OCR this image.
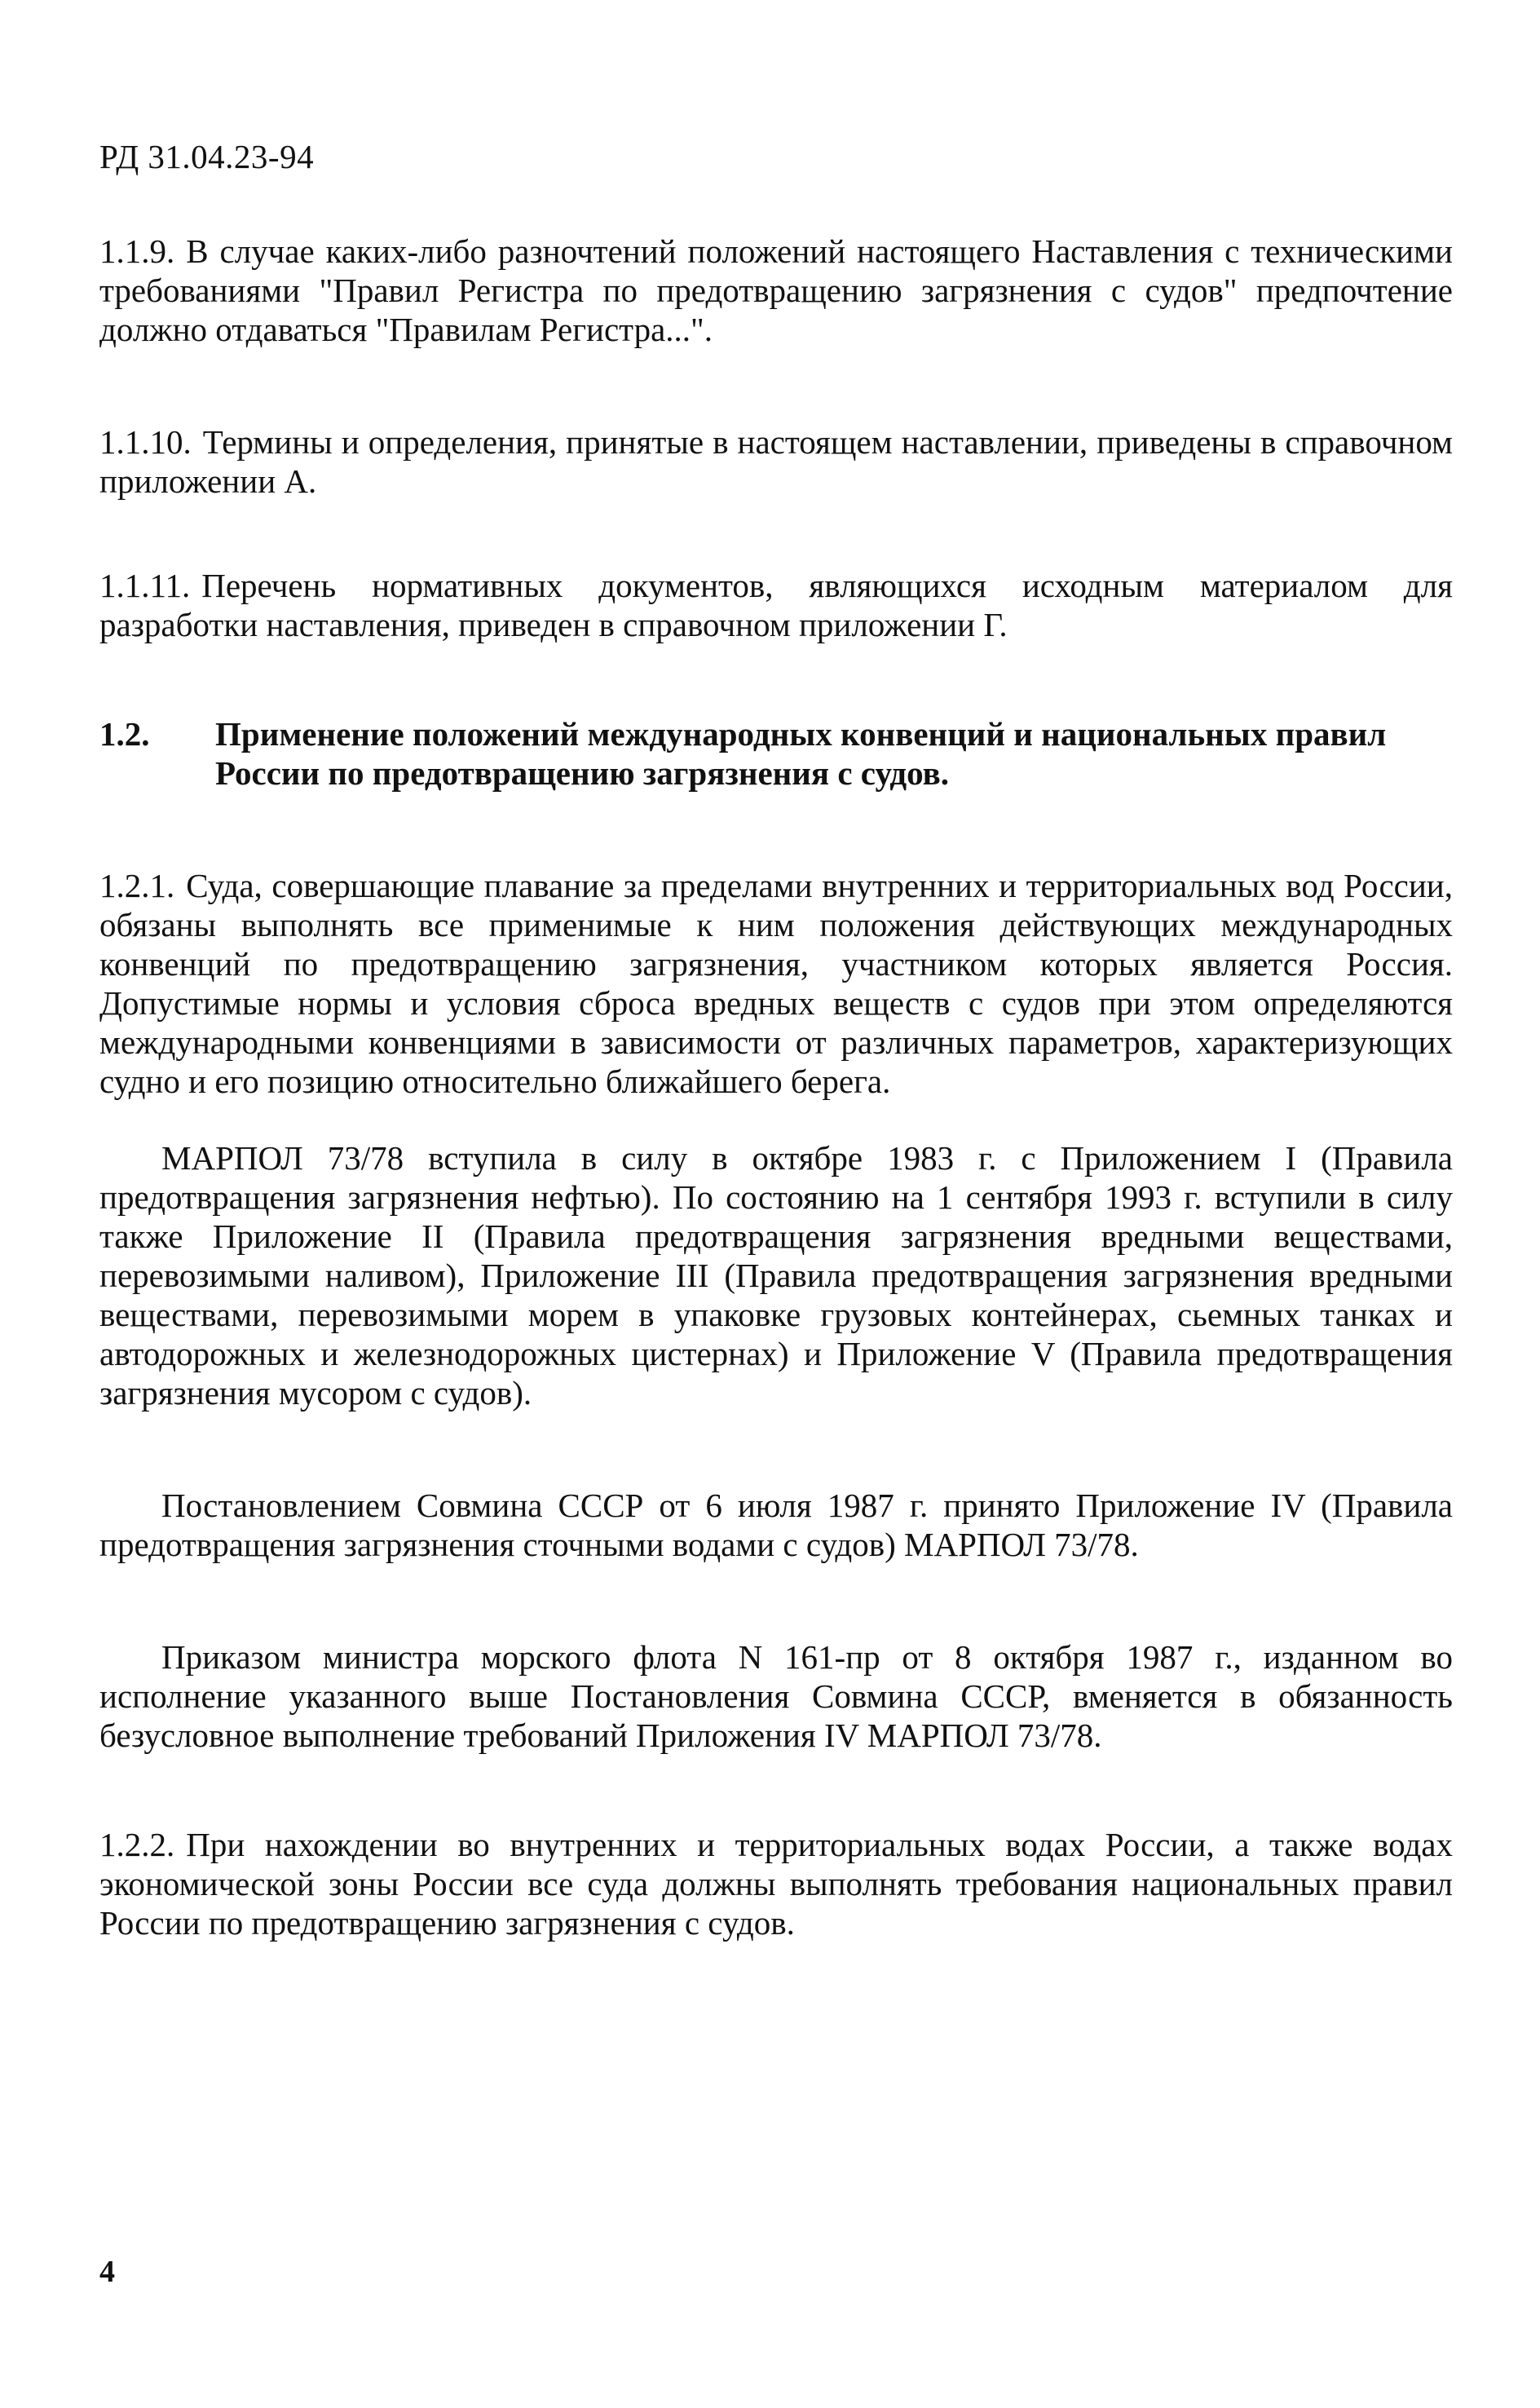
РД 31.04.23-94

1.1.9. В случае каких-либо разночтений положений настоящего Наставления с техническими требованиями "Правил Регистра по предотвращению загрязнения с судов" предпочтение должно отдаваться "Правилам Регистра...".

1.1.10. Термины и определения, принятые в настоящем наставлении, приведены в справочном приложении А.

1.1.11. Перечень нормативных документов, являющихся исходным материалом для разработки наставления, приведен в справочном приложении Г.

1.2. Применение положений международных конвенций и национальных правил России по предотвращению загрязнения с судов.

1.2.1. Суда, совершающие плавание за пределами внутренних и территориальных вод России, обязаны выполнять все применимые к ним положения действующих международных конвенций по предотвращению загрязнения, участником которых является Россия. Допустимые нормы и условия сброса вредных веществ с судов при этом определяются международными конвенциями в зависимости от различных параметров, характеризующих судно и его позицию относительно ближайшего берега.

МАРПОЛ 73/78 вступила в силу в октябре 1983 г. с Приложением I (Правила предотвращения загрязнения нефтью). По состоянию на 1 сентября 1993 г. вступили в силу также Приложение II (Правила предотвращения загрязнения вредными веществами, перевозимыми наливом), Приложение III (Правила предотвращения загрязнения вредными веществами, перевозимыми морем в упаковке грузовых контейнерах, сьемных танках и автодорожных и железнодорожных цистернах) и Приложение V (Правила предотвращения загрязнения мусором с судов).

Постановлением Совмина СССР от 6 июля 1987 г. принято Приложение IV (Правила предотвращения загрязнения сточными водами с судов) МАРПОЛ 73/78.

Приказом министра морского флота N 161-пр от 8 октября 1987 г., изданном во исполнение указанного выше Постановления Совмина СССР, вменяется в обязанность безусловное выполнение требований Приложения IV МАРПОЛ 73/78.

1.2.2. При нахождении во внутренних и территориальных водах России, а также водах экономической зоны России все суда должны выполнять требования национальных правил России по предотвращению загрязнения с судов.

4
